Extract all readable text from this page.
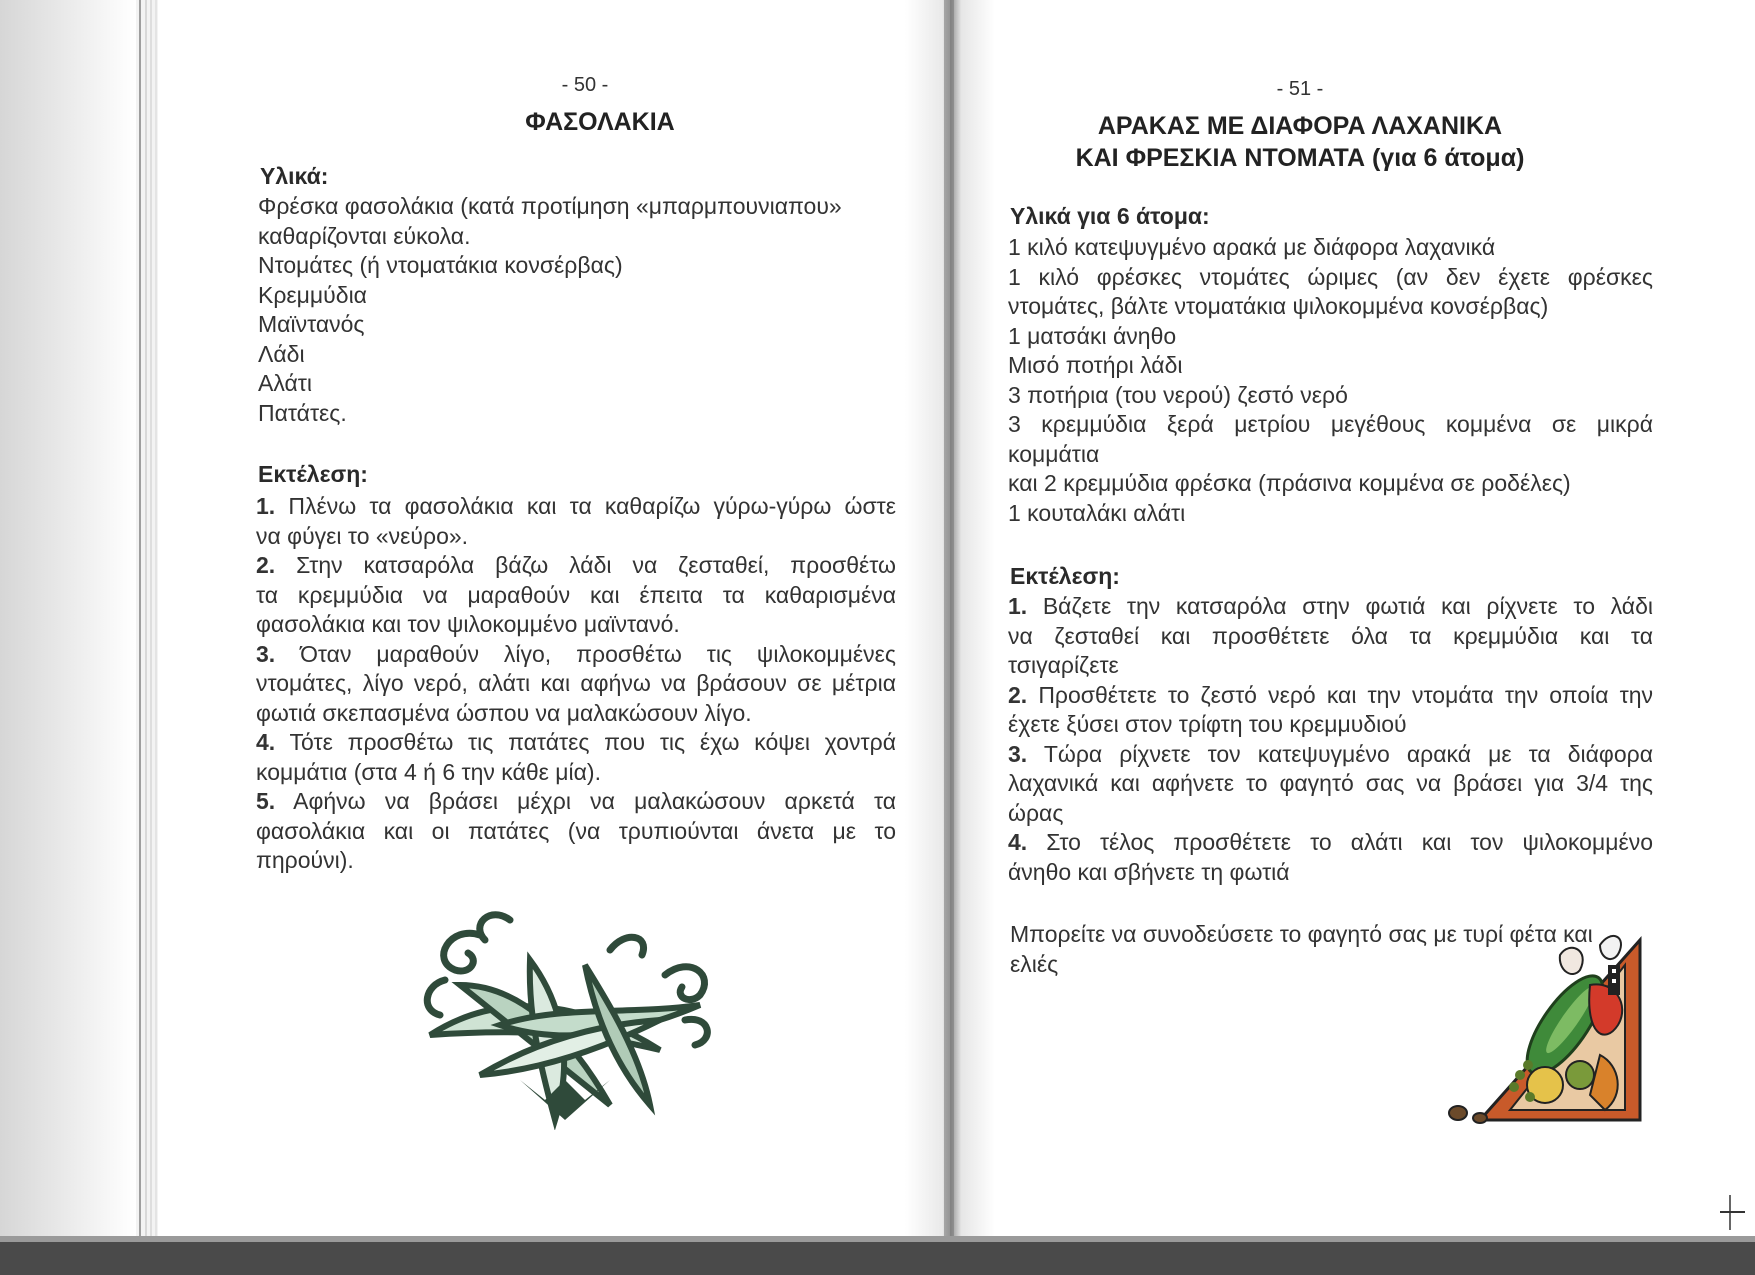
- 50 -
ΦΑΣΟΛΑΚΙΑ
Υλικά:
Φρέσκα φασολάκια (κατά προτίμηση «μπαρμπουνιαπου»
καθαρίζονται εύκολα.
Ντομάτες (ή ντοματάκια κονσέρβας)
Κρεμμύδια
Μαϊντανός
Λάδι
Αλάτι
Πατάτες.
Εκτέλεση:
1. Πλένω τα φασολάκια και τα καθαρίζω γύρω-γύρω ώστε
να φύγει το «νεύρο».
2. Στην κατσαρόλα βάζω λάδι να ζεσταθεί, προσθέτω
τα κρεμμύδια να μαραθούν και έπειτα τα καθαρισμένα
φασολάκια και τον ψιλοκομμένο μαϊντανό.
3. Όταν μαραθούν λίγο, προσθέτω τις ψιλοκομμένες
ντομάτες, λίγο νερό, αλάτι και αφήνω να βράσουν σε μέτρια
φωτιά σκεπασμένα ώσπου να μαλακώσουν λίγο.
4. Τότε προσθέτω τις πατάτες που τις έχω κόψει χοντρά
κομμάτια (στα 4 ή 6 την κάθε μία).
5. Αφήνω να βράσει μέχρι να μαλακώσουν αρκετά τα
φασολάκια και οι πατάτες (να τρυπιούνται άνετα με το
πηρούνι).
- 51 -
ΑΡΑΚΑΣ ΜΕ ΔΙΑΦΟΡΑ ΛΑΧΑΝΙΚΑ
ΚΑΙ ΦΡΕΣΚΙΑ ΝΤΟΜΑΤΑ (για 6 άτομα)
Υλικά για 6 άτομα:
1 κιλό κατεψυγμένο αρακά με διάφορα λαχανικά
1 κιλό φρέσκες ντομάτες ώριμες (αν δεν έχετε φρέσκες
ντομάτες, βάλτε ντοματάκια ψιλοκομμένα κονσέρβας)
1 ματσάκι άνηθο
Μισό ποτήρι λάδι
3 ποτήρια (του νερού) ζεστό νερό
3 κρεμμύδια ξερά μετρίου μεγέθους κομμένα σε μικρά
κομμάτια
και 2 κρεμμύδια φρέσκα (πράσινα κομμένα σε ροδέλες)
1 κουταλάκι αλάτι
Εκτέλεση:
1. Βάζετε την κατσαρόλα στην φωτιά και ρίχνετε το λάδι
να ζεσταθεί και προσθέτετε όλα τα κρεμμύδια και τα
τσιγαρίζετε
2. Προσθέτετε το ζεστό νερό και την ντομάτα την οποία την
έχετε ξύσει στον τρίφτη του κρεμμυδιού
3. Τώρα ρίχνετε τον κατεψυγμένο αρακά με τα διάφορα
λαχανικά και αφήνετε το φαγητό σας να βράσει για 3/4 της
ώρας
4. Στο τέλος προσθέτετε το αλάτι και τον ψιλοκομμένο
άνηθο και σβήνετε τη φωτιά
Μπορείτε να συνοδεύσετε το φαγητό σας με τυρί φέτα και
ελιές
